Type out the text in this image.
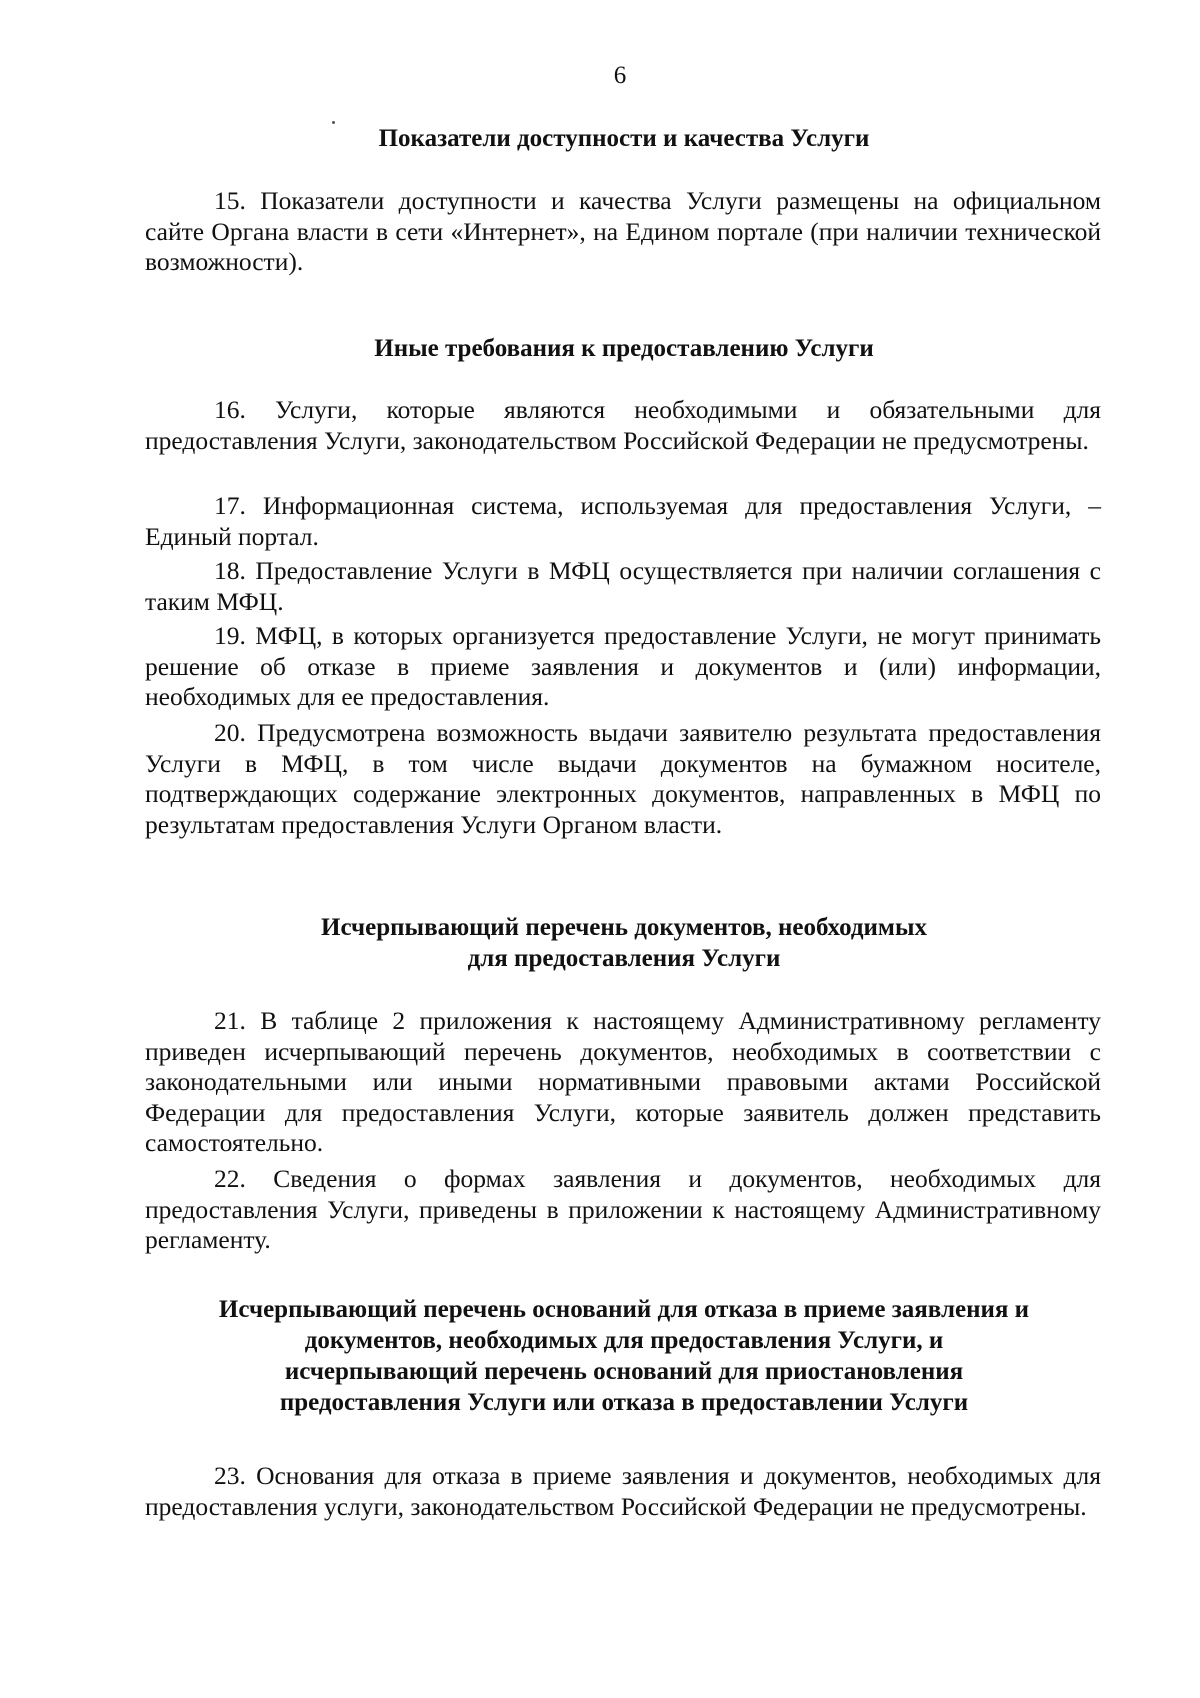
6
Показатели доступности и качества Услуги
15. Показатели доступности и качества Услуги размещены на официальном сайте Органа власти в сети «Интернет», на Едином портале (при наличии технической возможности).
Иные требования к предоставлению Услуги
16. Услуги, которые являются необходимыми и обязательными для предоставления Услуги, законодательством Российской Федерации не предусмотрены.
17. Информационная система, используемая для предоставления Услуги, – Единый портал.
18. Предоставление Услуги в МФЦ осуществляется при наличии соглашения с таким МФЦ.
19. МФЦ, в которых организуется предоставление Услуги, не могут принимать решение об отказе в приеме заявления и документов и (или) информации, необходимых для ее предоставления.
20. Предусмотрена возможность выдачи заявителю результата предоставления Услуги в МФЦ, в том числе выдачи документов на бумажном носителе, подтверждающих содержание электронных документов, направленных в МФЦ по результатам предоставления Услуги Органом власти.
Исчерпывающий перечень документов, необходимых
для предоставления Услуги
21. В таблице 2 приложения к настоящему Административному регламенту приведен исчерпывающий перечень документов, необходимых в соответствии с законодательными или иными нормативными правовыми актами Российской Федерации для предоставления Услуги, которые заявитель должен представить самостоятельно.
22. Сведения о формах заявления и документов, необходимых для предоставления Услуги, приведены в приложении к настоящему Административному регламенту.
Исчерпывающий перечень оснований для отказа в приеме заявления и
документов, необходимых для предоставления Услуги, и
исчерпывающий перечень оснований для приостановления
предоставления Услуги или отказа в предоставлении Услуги
23. Основания для отказа в приеме заявления и документов, необходимых для предоставления услуги, законодательством Российской Федерации не предусмотрены.
